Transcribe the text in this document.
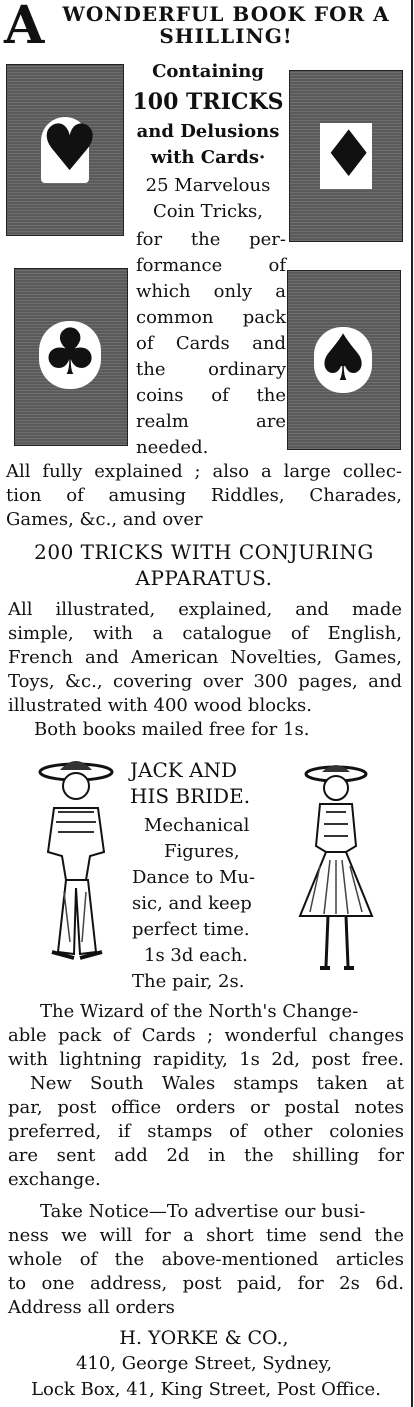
A WONDERFUL BOOK FOR A
SHILLING!
♥	♦
♣	♠
Containing
100 TRICKS
and Delusions
with Cards·
25 Marvelous
Coin Tricks,
for the per-
formance of
which only a
common pack
of Cards and
the ordinary
coins of the
realm are
needed.
All fully explained ; also a large collec-
tion of amusing Riddles, Charades,
Games, &c., and over
200 TRICKS WITH CONJURING
APPARATUS.
All illustrated, explained, and made
simple, with a catalogue of English,
French and American Novelties, Games,
Toys, &c., covering over 300 pages, and
illustrated with 400 wood blocks.
Both books mailed free for 1s.
JACK AND
HIS BRIDE.
Mechanical
Figures,
Dance to Mu-
sic, and keep
perfect time.
1s 3d each.
The pair, 2s.
The Wizard of the North's Change-
able pack of Cards ; wonderful changes
with lightning rapidity, 1s 2d, post free.
New South Wales stamps taken at
par, post office orders or postal notes
preferred, if stamps of other colonies
are sent add 2d in the shilling for
exchange.
Take Notice—To advertise our busi-
ness we will for a short time send the
whole of the above-mentioned articles
to one address, post paid, for 2s 6d.
Address all orders
H. YORKE & CO.,
410, George Street, Sydney,
Lock Box, 41, King Street, Post Office.
